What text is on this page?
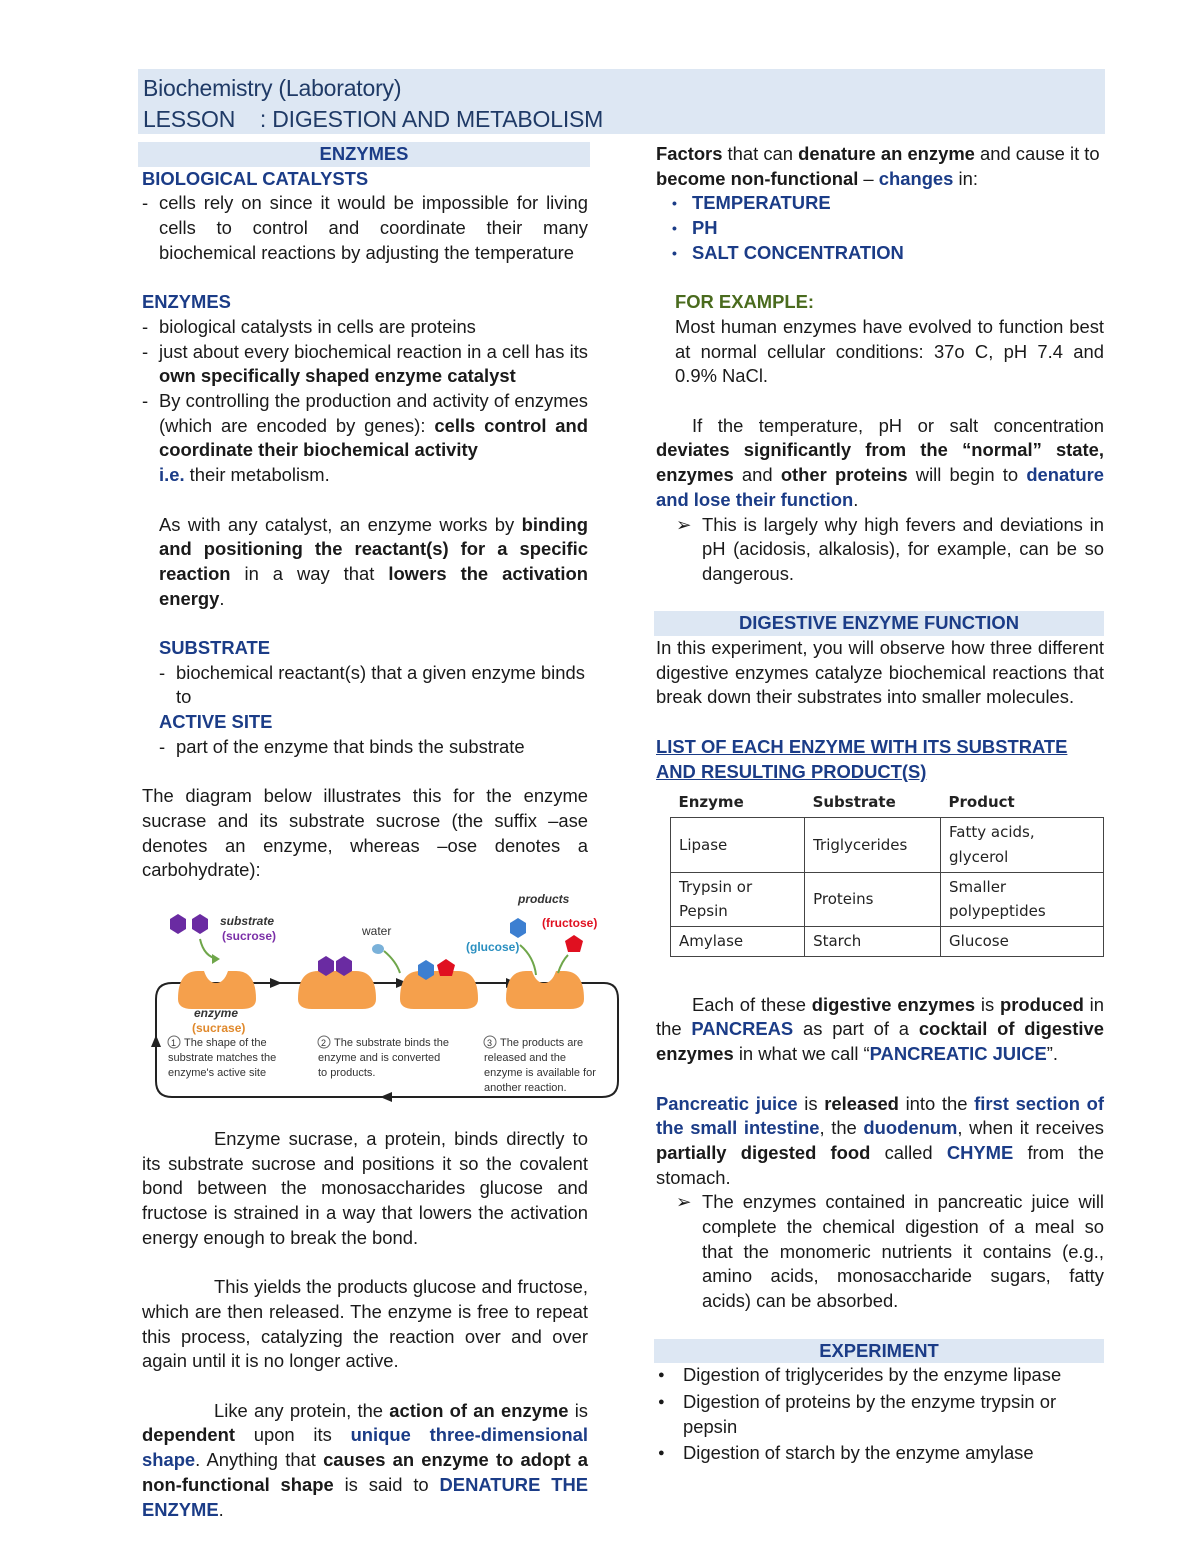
Biochemistry (Laboratory)
LESSON    : DIGESTION AND METABOLISM
ENZYMES

BIOLOGICAL CATALYSTS

- cells rely on since it would be impossible for living cells to control and coordinate their many biochemical reactions by adjusting the temperature

ENZYMES

- biological catalysts in cells are proteins

- just about every biochemical reaction in a cell has its own specifically shaped enzyme catalyst

- By controlling the production and activity of enzymes (which are encoded by genes): cells control and coordinate their biochemical activity

i.e. their metabolism.

As with any catalyst, an enzyme works by binding and positioning the reactant(s) for a specific reaction in a way that lowers the activation energy.

SUBSTRATE

- biochemical reactant(s) that a given enzyme binds to

ACTIVE SITE

- part of the enzyme that binds the substrate

The diagram below illustrates this for the enzyme sucrase and its substrate sucrose (the suffix –ase denotes an enzyme, whereas –ose denotes a carbohydrate):

substrate
(sucrose)	water
products
(glucose)
(fructose)
enzyme
(sucrase)
1 The shape of the
substrate matches the
enzyme's active site
2 The substrate binds the
enzyme and is converted
to products.
3 The products are
released and the
enzyme is available for
another reaction.

Enzyme sucrase, a protein, binds directly to its substrate sucrose and positions it so the covalent bond between the monosaccharides glucose and fructose is strained in a way that lowers the activation energy enough to break the bond.

This yields the products glucose and fructose, which are then released. The enzyme is free to repeat this process, catalyzing the reaction over and over again until it is no longer active.

Like any protein, the action of an enzyme is dependent upon its unique three-dimensional shape. Anything that causes an enzyme to adopt a non-functional shape is said to DENATURE THE ENZYME.

Factors that can denature an enzyme and cause it to become non-functional – changes in:

• TEMPERATURE
• PH
• SALT CONCENTRATION

FOR EXAMPLE:

Most human enzymes have evolved to function best at normal cellular conditions: 37o C, pH 7.4 and 0.9% NaCl.

If the temperature, pH or salt concentration deviates significantly from the “normal” state, enzymes and other proteins will begin to denature and lose their function.

➢ This is largely why high fevers and deviations in pH (acidosis, alkalosis), for example, can be so dangerous.

DIGESTIVE ENZYME FUNCTION

In this experiment, you will observe how three different digestive enzymes catalyze biochemical reactions that break down their substrates into smaller molecules.

LIST OF EACH ENZYME WITH ITS SUBSTRATE AND RESULTING PRODUCT(S)

Enzyme	Substrate	Product
Lipase	Triglycerides	Fatty acids, glycerol
Trypsin or Pepsin	Proteins	Smaller polypeptides
Amylase	Starch	Glucose

Each of these digestive enzymes is produced in the PANCREAS as part of a cocktail of digestive enzymes in what we call “PANCREATIC JUICE”.

Pancreatic juice is released into the first section of the small intestine, the duodenum, when it receives partially digested food called CHYME from the stomach.

➢ The enzymes contained in pancreatic juice will complete the chemical digestion of a meal so that the monomeric nutrients it contains (e.g., amino acids, monosaccharide sugars, fatty acids) can be absorbed.

EXPERIMENT
● Digestion of triglycerides by the enzyme lipase
● Digestion of proteins by the enzyme trypsin or pepsin
● Digestion of starch by the enzyme amylase
